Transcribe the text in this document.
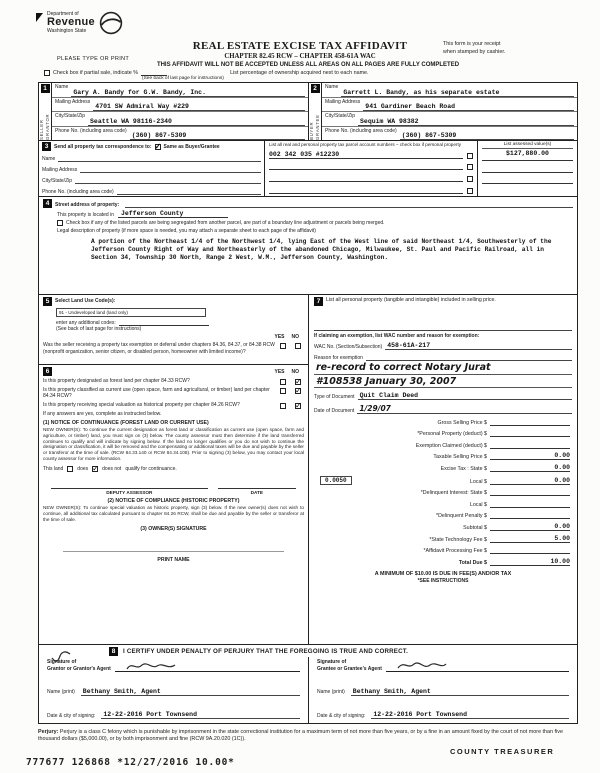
Department of
Revenue
Washington State
REAL ESTATE EXCISE TAX AFFIDAVIT
CHAPTER 82.45 RCW – CHAPTER 458-61A WAC
This form is your receipt
when stamped by cashier.
PLEASE TYPE OR PRINT
THIS AFFIDAVIT WILL NOT BE ACCEPTED UNLESS ALL AREAS ON ALL PAGES ARE FULLY COMPLETED
Check box if partial sale, indicate %	List percentage of ownership acquired next to each name.
(See back of last page for instructions)
1
SELLER GRANTOR
Name
Gary A. Bandy for G.W. Bandy, Inc.
Mailing Address
4701 SW Admiral Way #229
City/State/Zip
Seattle WA 98116-2340
Phone No. (including area code)
(360) 867-5309
2
BUYER GRANTEE
Name
Garrett L. Bandy, as his separate estate
Mailing Address
941 Gardiner Beach Road
City/State/Zip
Sequim WA 98382
Phone No. (including area code)
(360) 867-5309
3	Send all property tax correspondence to: ✓ Same as Buyer/Grantee
Name
Mailing Address
City/State/Zip
Phone No. (including area code)
List all real and personal property tax parcel account numbers – check box if personal property
002 342 035 #12230
List assessed value(s)
$127,880.00
4	Street address of property:
This property is located in	Jefferson County
Check box if any of the listed parcels are being segregated from another parcel, are part of a boundary line adjustment or parcels being merged.
Legal description of property (if more space is needed, you may attach a separate sheet to each page of the affidavit)
A portion of the Northeast 1/4 of the Northwest 1/4, lying East of the West line of said Northeast 1/4, Southwesterly of the Jefferson County Right of Way and Northeasterly of the abandoned Chicago, Milwaukee, St. Paul and Pacific Railroad, all in Section 34, Township 30 North, Range 2 West, W.M., Jefferson County, Washington.
5	Select Land Use Code(s):
91 - Undeveloped land (land only)
enter any additional codes:
(See back of last page for instructions)
YES NO
Was the seller receiving a property tax exemption or deferral under chapters 84.36, 84.37, or 84.38 RCW (nonprofit organization, senior citizen, or disabled person, homeowner with limited income)?
6	YES NO
Is this property designated as forest land per chapter 84.33 RCW?
✓
Is this property classified as current use (open space, farm and agricultural, or timber) land per chapter 84.34 RCW?
✓
Is this property receiving special valuation as historical property per chapter 84.26 RCW?
✓
If any answers are yes, complete as instructed below.
(1) NOTICE OF CONTINUANCE (FOREST LAND OR CURRENT USE)
NEW OWNER(S): To continue the current designation as forest land or classification as current use (open space, farm and agriculture, or timber) land, you must sign on (3) below. The county assessor must then determine if the land transferred continues to qualify and will indicate by signing below. If the land no longer qualifies or you do not wish to continue the designation or classification, it will be removed and the compensating or additional taxes will be due and payable by the seller or transferor at the time of sale. (RCW 84.33.140 or RCW 84.34.108). Prior to signing (3) below, you may contact your local county assessor for more information.
This land	does ✓	does not qualify for continuance.
DEPUTY ASSESSOR	DATE
(2) NOTICE OF COMPLIANCE (HISTORIC PROPERTY)
NEW OWNER(S): To continue special valuation as historic property, sign (3) below. If the new owner(s) does not wish to continue, all additional tax calculated pursuant to chapter 84.26 RCW, shall be due and payable by the seller or transferor at the time of sale.
(3) OWNER(S) SIGNATURE
PRINT NAME
7	List all personal property (tangible and intangible) included in selling price.
If claiming an exemption, list WAC number and reason for exemption:
WAC No. (Section/Subsection) 458-61A-217
Reason for exemption
re-record to correct Notary Jurat
#108538 January 30, 2007
Type of Document Quit Claim Deed
Date of Document 1/29/07
Gross Selling Price $
*Personal Property (deduct) $
Exemption Claimed (deduct) $
Taxable Selling Price $	0.00
Excise Tax : State $	0.00
0.0050	Local $	0.00
*Delinquent Interest: State $
Local $
*Delinquent Penalty $
Subtotal $	0.00
*State Technology Fee $	5.00
*Affidavit Processing Fee $
Total Due $	10.00
A MINIMUM OF $10.00 IS DUE IN FEE(S) AND/OR TAX
*SEE INSTRUCTIONS
8	I CERTIFY UNDER PENALTY OF PERJURY THAT THE FOREGOING IS TRUE AND CORRECT.
Signature of
Grantor or Grantor's Agent
Name (print)	Bethany Smith, Agent
Date & city of signing:	12-22-2016 Port Townsend
Signature of
Grantee or Grantee's Agent
Name (print)	Bethany Smith, Agent
Date & city of signing:	12-22-2016 Port Townsend
Perjury: Perjury is a class C felony which is punishable by imprisonment in the state correctional institution for a maximum term of not more than five years, or by a fine in an amount fixed by the court of not more than five thousand dollars ($5,000.00), or by both imprisonment and fine (RCW 9A.20.020 (1C)).
COUNTY TREASURER
777677 126868 *12/27/2016 10.00*
